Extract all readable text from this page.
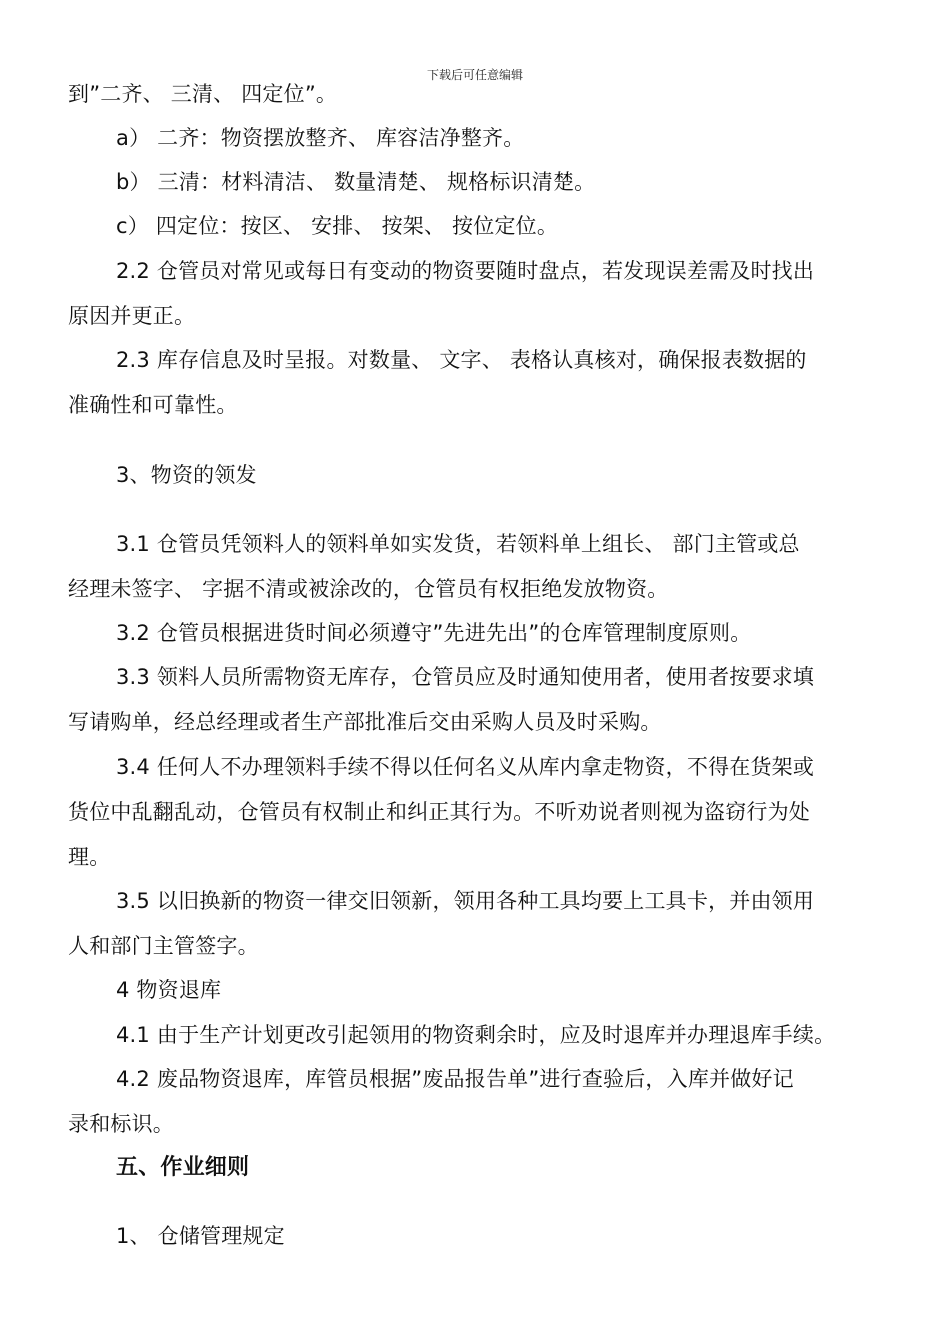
下载后可任意编辑
到”二齐、 三清、 四定位”。
a） 二齐：物资摆放整齐、 库容洁净整齐。
b） 三清：材料清洁、 数量清楚、 规格标识清楚。
c） 四定位：按区、 安排、 按架、 按位定位。
2.2 仓管员对常见或每日有变动的物资要随时盘点，若发现误差需及时找出
原因并更正。
2.3 库存信息及时呈报。对数量、 文字、 表格认真核对，确保报表数据的
准确性和可靠性。
3、物资的领发
3.1 仓管员凭领料人的领料单如实发货，若领料单上组长、 部门主管或总
经理未签字、 字据不清或被涂改的，仓管员有权拒绝发放物资。
3.2 仓管员根据进货时间必须遵守”先进先出”的仓库管理制度原则。
3.3 领料人员所需物资无库存，仓管员应及时通知使用者，使用者按要求填
写请购单，经总经理或者生产部批准后交由采购人员及时采购。
3.4 任何人不办理领料手续不得以任何名义从库内拿走物资，不得在货架或
货位中乱翻乱动，仓管员有权制止和纠正其行为。不听劝说者则视为盗窃行为处
理。
3.5 以旧换新的物资一律交旧领新，领用各种工具均要上工具卡，并由领用
人和部门主管签字。
4 物资退库
4.1 由于生产计划更改引起领用的物资剩余时，应及时退库并办理退库手续。
4.2 废品物资退库，库管员根据”废品报告单”进行查验后，入库并做好记
录和标识。
五、作业细则
1、 仓储管理规定
